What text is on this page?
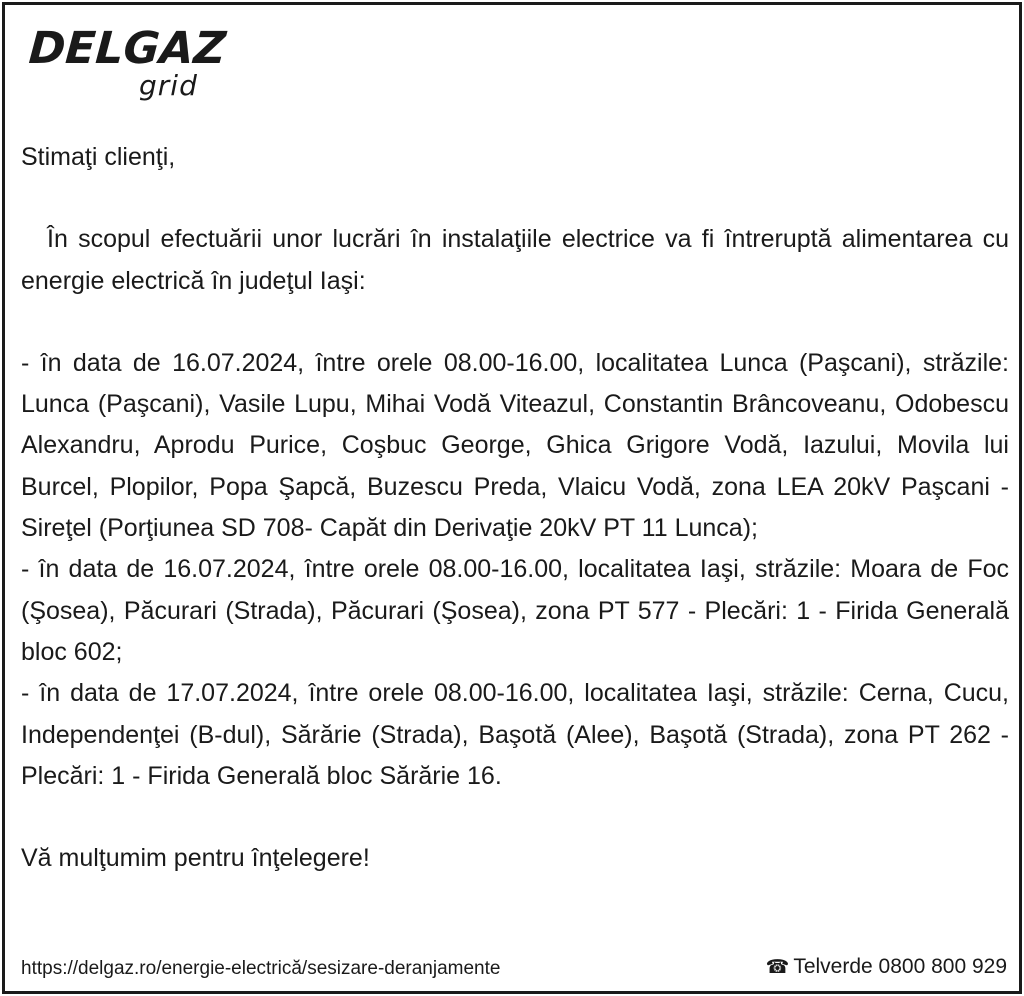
DELGAZ
grid

Stimaţi clienţi,

În scopul efectuării unor lucrări în instalaţiile electrice va fi întreruptă alimentarea cu energie electrică în judeţul Iaşi:

- în data de 16.07.2024, între orele 08.00-16.00, localitatea Lunca (Paşcani), străzile: Lunca (Paşcani), Vasile Lupu, Mihai Vodă Viteazul, Constantin Brâncoveanu, Odobescu Alexandru, Aprodu Purice, Coşbuc George, Ghica Grigore Vodă, Iazului, Movila lui Burcel, Plopilor, Popa Şapcă, Buzescu Preda, Vlaicu Vodă, zona LEA 20kV Paşcani - Sireţel (Porţiunea SD 708- Capăt din Derivaţie 20kV PT 11 Lunca);

- în data de 16.07.2024, între orele 08.00-16.00, localitatea Iaşi, străzile: Moara de Foc (Şosea), Păcurari (Strada), Păcurari (Şosea), zona PT 577 - Plecări: 1 - Firida Generală bloc 602;

- în data de 17.07.2024, între orele 08.00-16.00, localitatea Iaşi, străzile: Cerna, Cucu, Independenţei (B-dul), Sărărie (Strada), Başotă (Alee), Başotă (Strada), zona PT 262 - Plecări: 1 - Firida Generală bloc Sărărie 16.

Vă mulţumim pentru înţelegere!

https://delgaz.ro/energie-electrică/sesizare-deranjamente	☎ Telverde 0800 800 929
